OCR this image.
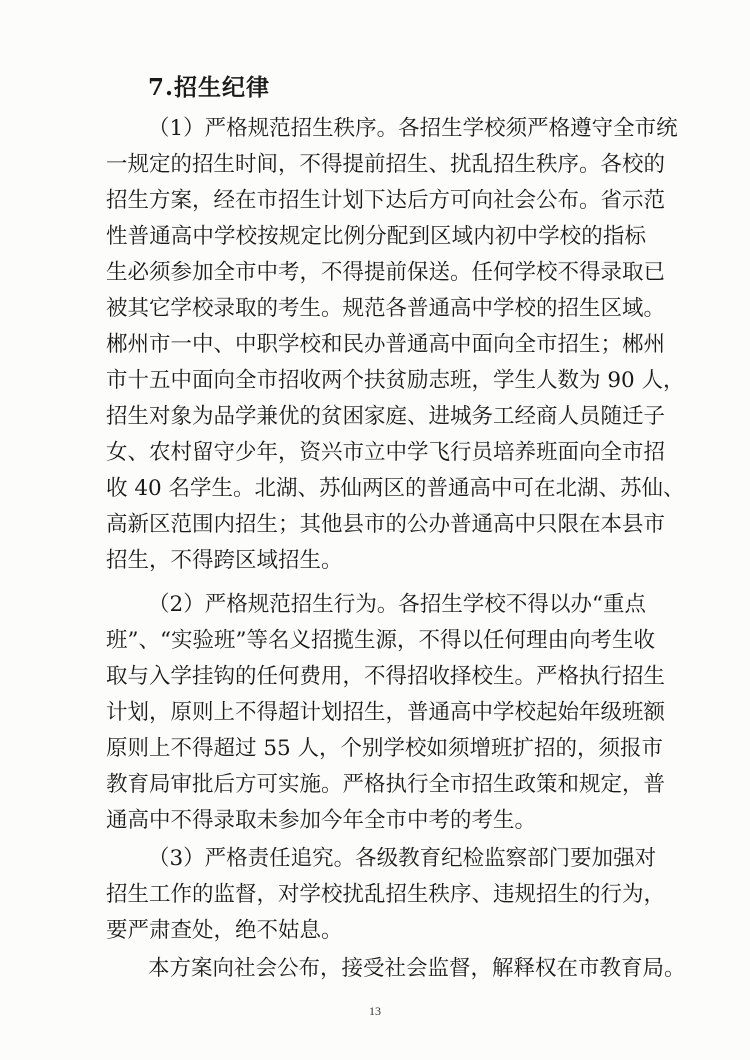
7.招生纪律
（1）严格规范招生秩序。各招生学校须严格遵守全市统
一规定的招生时间，不得提前招生、扰乱招生秩序。各校的
招生方案，经在市招生计划下达后方可向社会公布。省示范
性普通高中学校按规定比例分配到区域内初中学校的指标
生必须参加全市中考，不得提前保送。任何学校不得录取已
被其它学校录取的考生。规范各普通高中学校的招生区域。
郴州市一中、中职学校和民办普通高中面向全市招生；郴州
市十五中面向全市招收两个扶贫励志班，学生人数为 90 人，
招生对象为品学兼优的贫困家庭、进城务工经商人员随迁子
女、农村留守少年，资兴市立中学飞行员培养班面向全市招
收 40 名学生。北湖、苏仙两区的普通高中可在北湖、苏仙、
高新区范围内招生；其他县市的公办普通高中只限在本县市
招生，不得跨区域招生。
（2）严格规范招生行为。各招生学校不得以办“重点
班”、“实验班”等名义招揽生源，不得以任何理由向考生收
取与入学挂钩的任何费用，不得招收择校生。严格执行招生
计划，原则上不得超计划招生，普通高中学校起始年级班额
原则上不得超过 55 人，个别学校如须增班扩招的，须报市
教育局审批后方可实施。严格执行全市招生政策和规定，普
通高中不得录取未参加今年全市中考的考生。
（3）严格责任追究。各级教育纪检监察部门要加强对
招生工作的监督，对学校扰乱招生秩序、违规招生的行为，
要严肃查处，绝不姑息。
本方案向社会公布，接受社会监督，解释权在市教育局。
13
